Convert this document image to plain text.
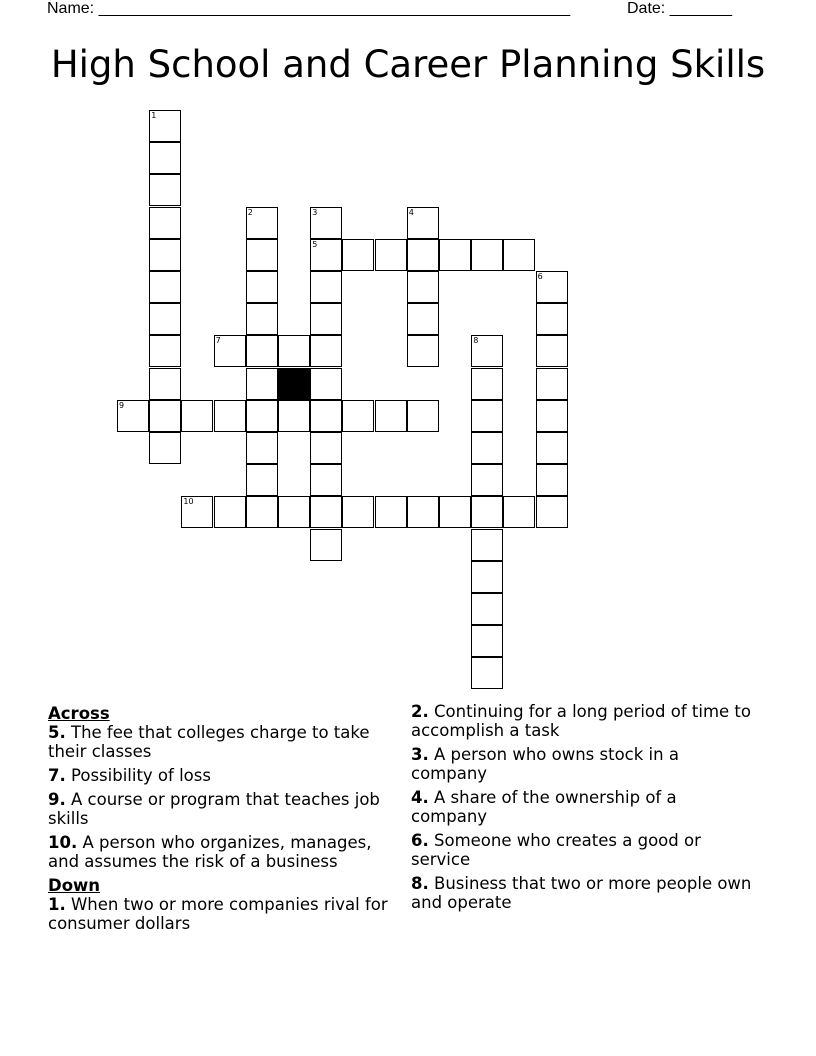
Name: _____________________________________________________	Date: _______
High School and Career Planning Skills
1
2	3
5
4
6
7	8
9
10
Across
5. The fee that colleges charge to take their classes
7. Possibility of loss
9. A course or program that teaches job skills
10. A person who organizes, manages, and assumes the risk of a business
Down
1. When two or more companies rival for consumer dollars
2. Continuing for a long period of time to accomplish a task
3. A person who owns stock in a company
4. A share of the ownership of a company
6. Someone who creates a good or service
8. Business that two or more people own and operate
